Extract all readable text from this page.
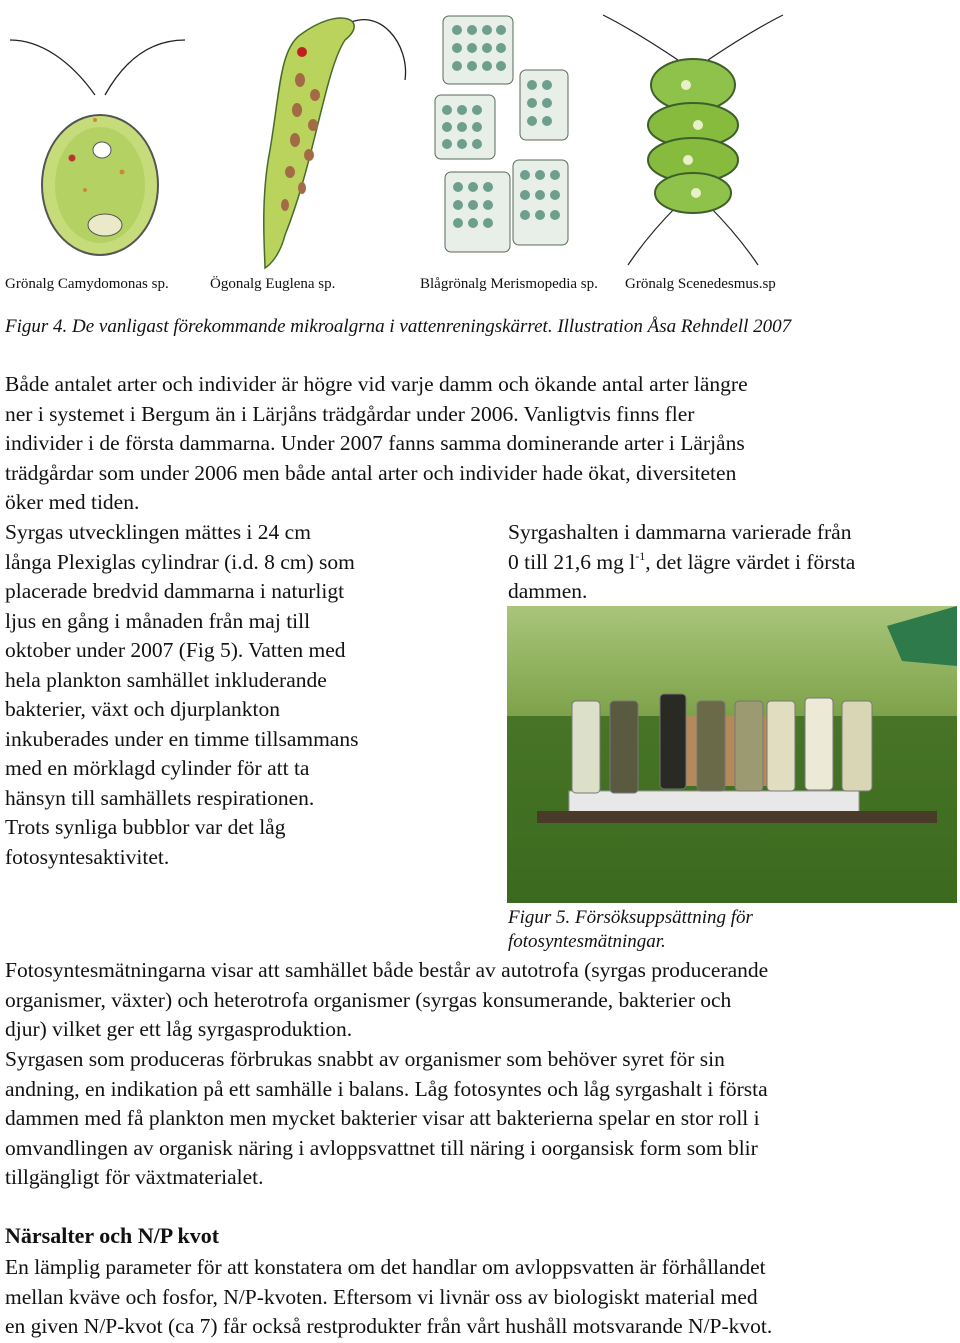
Grönalg Camydomonas sp.	Ögonalg Euglena sp.	Blågrönalg Merismopedia sp. Grönalg Scenedesmus.sp
Figur 4. De vanligast förekommande mikroalgrna i vattenreningskärret. Illustration Åsa Rehndell 2007

Både antalet arter och individer är högre vid varje damm och ökande antal arter längre
ner i systemet i Bergum än i Lärjåns trädgårdar under 2006. Vanligtvis finns fler
individer i de första dammarna. Under 2007 fanns samma dominerande arter i Lärjåns
trädgårdar som under 2006 men både antal arter och individer hade ökat, diversiteten
öker med tiden.

Syrgas utvecklingen mättes i 24 cm
långa Plexiglas cylindrar (i.d. 8 cm) som
placerade bredvid dammarna i naturligt
ljus en gång i månaden från maj till
oktober under 2007 (Fig 5). Vatten med
hela plankton samhället inkluderande
bakterier, växt och djurplankton
inkuberades under en timme tillsammans
med en mörklagd cylinder för att ta
hänsyn till samhällets respirationen.
Trots synliga bubblor var det låg
fotosyntesaktivitet.

Syrgashalten i dammarna varierade från
0 till 21,6 mg $l^{-1}$, det lägre värdet i första
dammen.

Figur 5. Försöksuppsättning för
fotosyntesmätningar.

Fotosyntesmätningarna visar att samhället både består av autotrofa (syrgas producerande
organismer, växter) och heterotrofa organismer (syrgas konsumerande, bakterier och
djur) vilket ger ett låg syrgasproduktion.

Syrgasen som produceras förbrukas snabbt av organismer som behöver syret för sin
andning, en indikation på ett samhälle i balans. Låg fotosyntes och låg syrgashalt i första
dammen med få plankton men mycket bakterier visar att bakterierna spelar en stor roll i
omvandlingen av organisk näring i avloppsvattnet till näring i oorgansisk form som blir
tillgängligt för växtmaterialet.

Närsalter och N/P kvot

En lämplig parameter för att konstatera om det handlar om avloppsvatten är förhållandet
mellan kväve och fosfor, N/P-kvoten. Eftersom vi livnär oss av biologiskt material med
en given N/P-kvot (ca 7) får också restprodukter från vårt hushåll motsvarande N/P-kvot.
